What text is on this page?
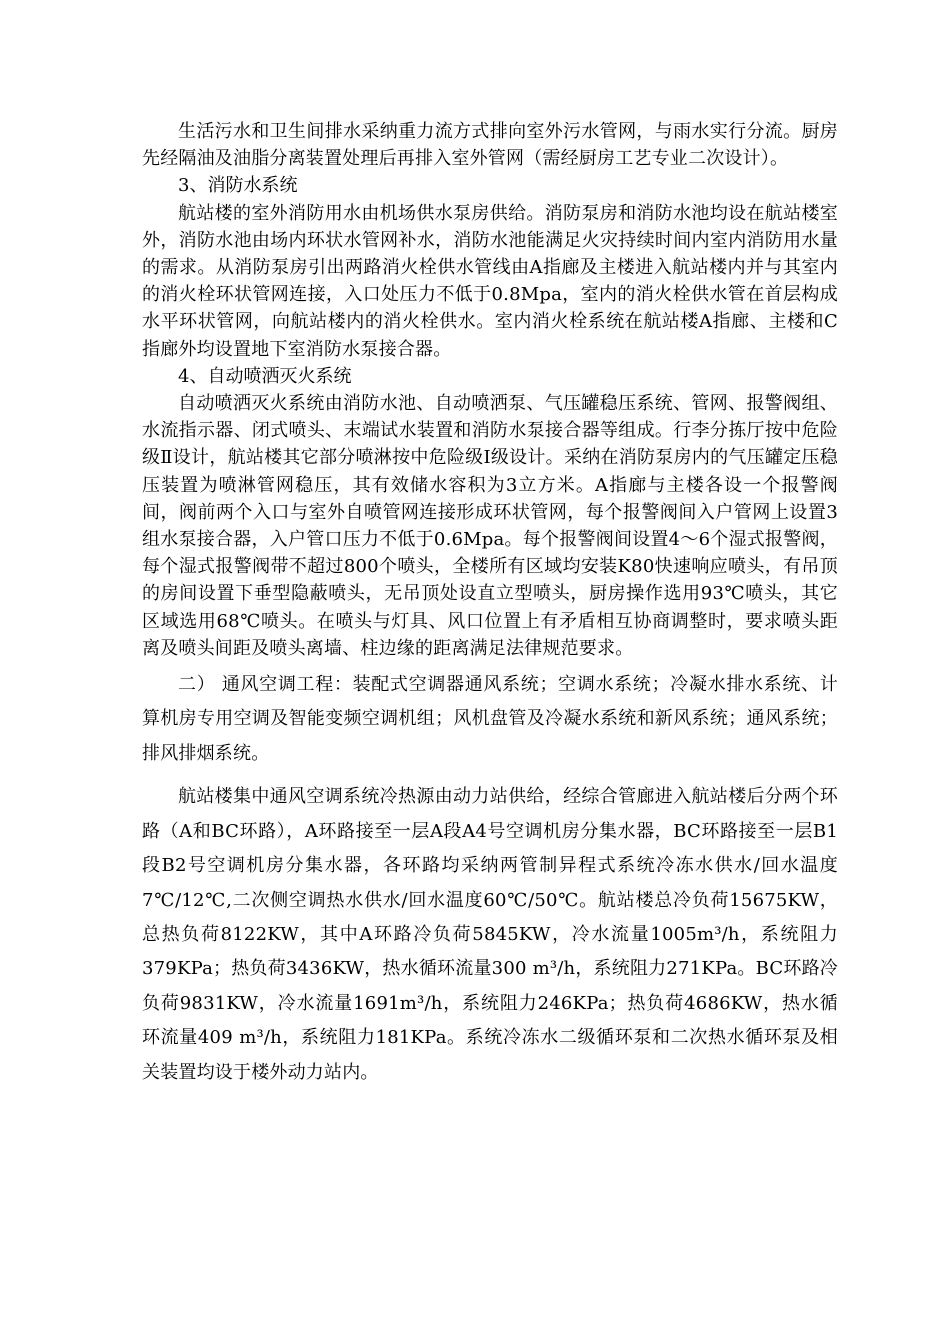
生活污水和卫生间排水采纳重力流方式排向室外污水管网，与雨水实行分流。厨房先经隔油及油脂分离装置处理后再排入室外管网（需经厨房工艺专业二次设计）。

3、消防水系统

航站楼的室外消防用水由机场供水泵房供给。消防泵房和消防水池均设在航站楼室外，消防水池由场内环状水管网补水，消防水池能满足火灾持续时间内室内消防用水量的需求。从消防泵房引出两路消火栓供水管线由A指廊及主楼进入航站楼内并与其室内的消火栓环状管网连接，入口处压力不低于0.8Mpa，室内的消火栓供水管在首层构成水平环状管网，向航站楼内的消火栓供水。室内消火栓系统在航站楼A指廊、主楼和C指廊外均设置地下室消防水泵接合器。

4、自动喷洒灭火系统

自动喷洒灭火系统由消防水池、自动喷洒泵、气压罐稳压系统、管网、报警阀组、水流指示器、闭式喷头、末端试水装置和消防水泵接合器等组成。行李分拣厅按中危险级Ⅱ设计，航站楼其它部分喷淋按中危险级Ⅰ级设计。采纳在消防泵房内的气压罐定压稳压装置为喷淋管网稳压，其有效储水容积为3立方米。A指廊与主楼各设一个报警阀间，阀前两个入口与室外自喷管网连接形成环状管网，每个报警阀间入户管网上设置3组水泵接合器，入户管口压力不低于0.6Mpa。每个报警阀间设置4～6个湿式报警阀，每个湿式报警阀带不超过800个喷头，全楼所有区域均安装K80快速响应喷头，有吊顶的房间设置下垂型隐蔽喷头，无吊顶处设直立型喷头，厨房操作选用93℃喷头，其它区域选用68℃喷头。在喷头与灯具、风口位置上有矛盾相互协商调整时，要求喷头距离及喷头间距及喷头离墙、柱边缘的距离满足法律规范要求。

二） 通风空调工程：装配式空调器通风系统；空调水系统；冷凝水排水系统、计算机房专用空调及智能变频空调机组；风机盘管及冷凝水系统和新风系统；通风系统；排风排烟系统。

航站楼集中通风空调系统冷热源由动力站供给，经综合管廊进入航站楼后分两个环路（A和BC环路），A环路接至一层A段A4号空调机房分集水器，BC环路接至一层B1段B2号空调机房分集水器，各环路均采纳两管制异程式系统冷冻水供水/回水温度7℃/12℃,二次侧空调热水供水/回水温度60℃/50℃。航站楼总冷负荷15675KW，总热负荷8122KW，其中A环路冷负荷5845KW，冷水流量1005m³/h，系统阻力379KPa；热负荷3436KW，热水循环流量300 m³/h，系统阻力271KPa。BC环路冷负荷9831KW，冷水流量1691m³/h，系统阻力246KPa；热负荷4686KW，热水循环流量409 m³/h，系统阻力181KPa。系统冷冻水二级循环泵和二次热水循环泵及相关装置均设于楼外动力站内。
